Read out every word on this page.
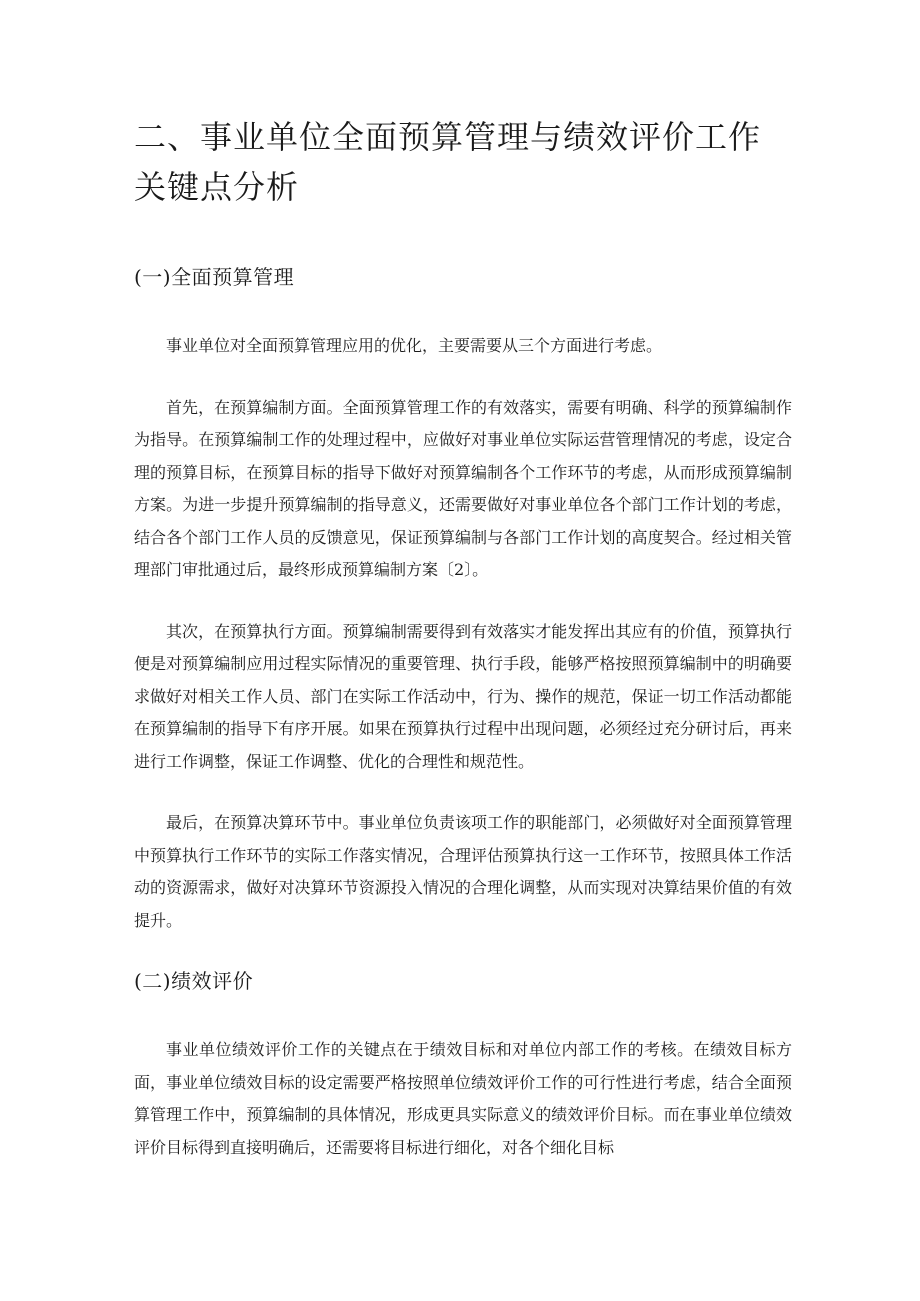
二、事业单位全面预算管理与绩效评价工作关键点分析
(一)全面预算管理

事业单位对全面预算管理应用的优化，主要需要从三个方面进行考虑。

首先，在预算编制方面。全面预算管理工作的有效落实，需要有明确、科学的预算编制作为指导。在预算编制工作的处理过程中，应做好对事业单位实际运营管理情况的考虑，设定合理的预算目标，在预算目标的指导下做好对预算编制各个工作环节的考虑，从而形成预算编制方案。为进一步提升预算编制的指导意义，还需要做好对事业单位各个部门工作计划的考虑，结合各个部门工作人员的反馈意见，保证预算编制与各部门工作计划的高度契合。经过相关管理部门审批通过后，最终形成预算编制方案〔2〕。

其次，在预算执行方面。预算编制需要得到有效落实才能发挥出其应有的价值，预算执行便是对预算编制应用过程实际情况的重要管理、执行手段，能够严格按照预算编制中的明确要求做好对相关工作人员、部门在实际工作活动中，行为、操作的规范，保证一切工作活动都能在预算编制的指导下有序开展。如果在预算执行过程中出现问题，必须经过充分研讨后，再来进行工作调整，保证工作调整、优化的合理性和规范性。

最后，在预算决算环节中。事业单位负责该项工作的职能部门，必须做好对全面预算管理中预算执行工作环节的实际工作落实情况，合理评估预算执行这一工作环节，按照具体工作活动的资源需求，做好对决算环节资源投入情况的合理化调整，从而实现对决算结果价值的有效提升。

(二)绩效评价

事业单位绩效评价工作的关键点在于绩效目标和对单位内部工作的考核。在绩效目标方面，事业单位绩效目标的设定需要严格按照单位绩效评价工作的可行性进行考虑，结合全面预算管理工作中，预算编制的具体情况，形成更具实际意义的绩效评价目标。而在事业单位绩效评价目标得到直接明确后，还需要将目标进行细化，对各个细化目标
